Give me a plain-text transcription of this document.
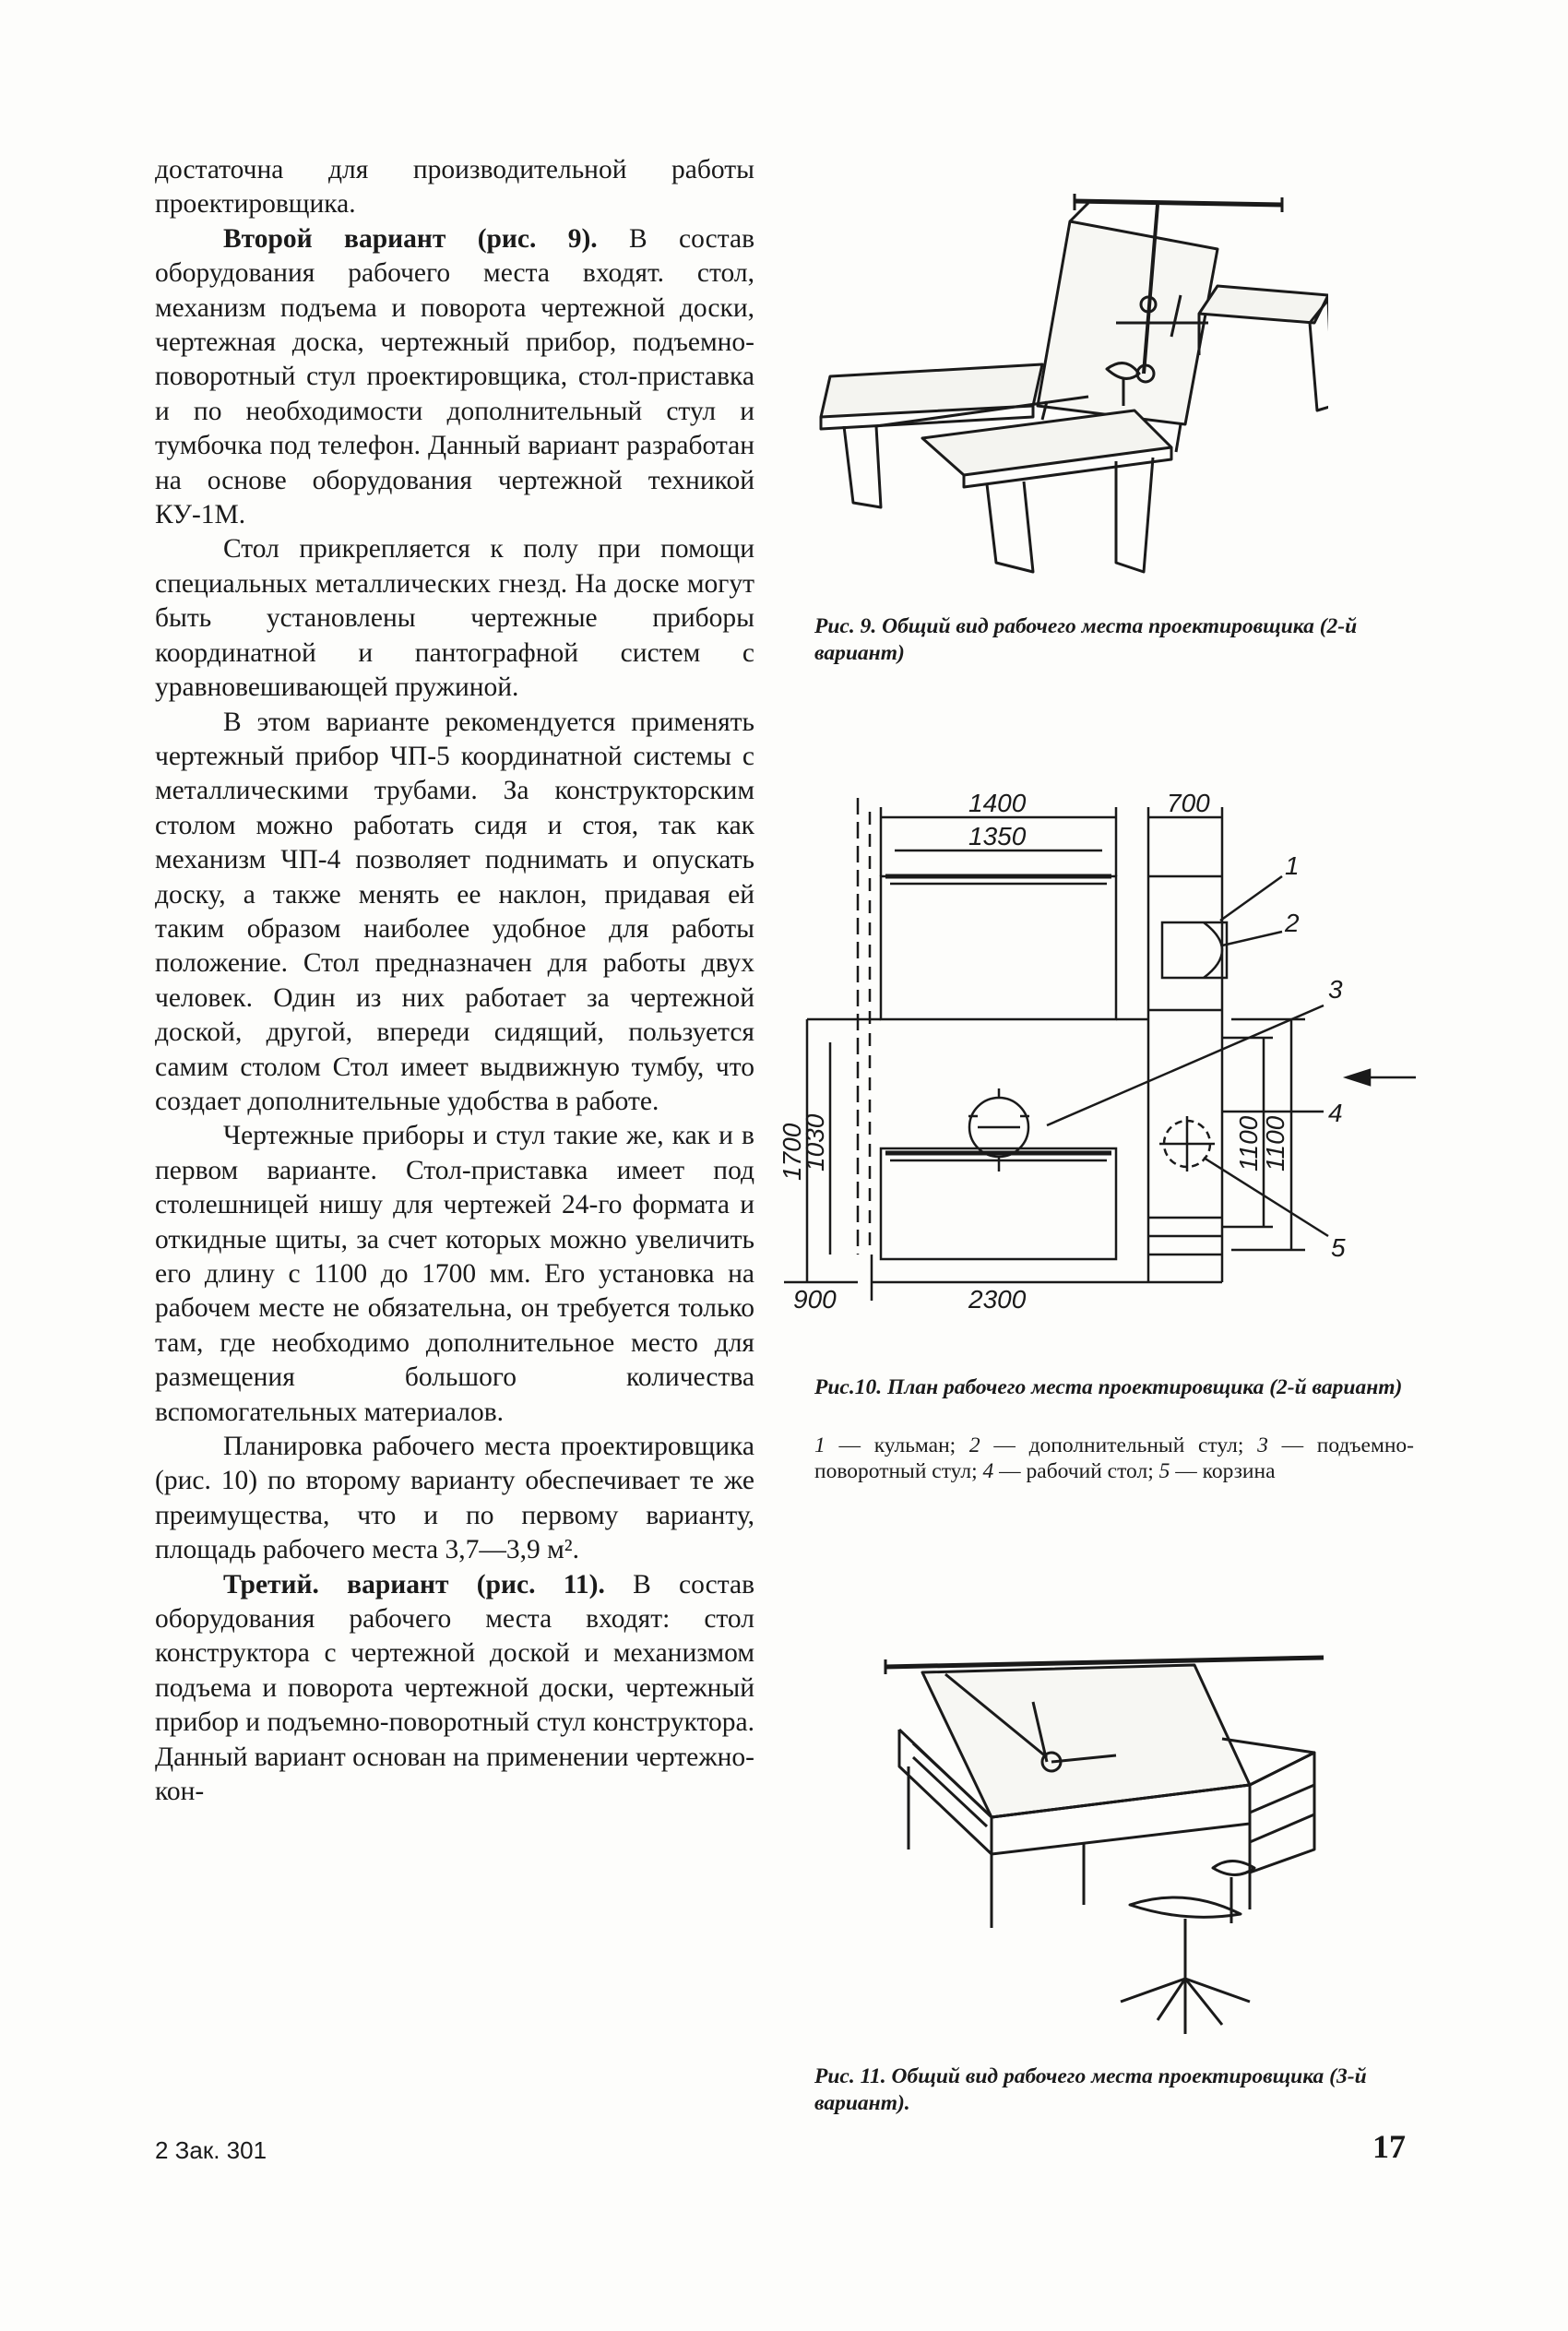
достаточна для производительной работы проектировщика.

Второй вариант (рис. 9). В состав оборудования рабочего места входят. стол, механизм подъема и поворота чертежной доски, чертежная доска, чертежный прибор, подъемно-поворотный стул проектировщика, стол-приставка и по необходимости дополнительный стул и тумбочка под телефон. Данный вариант разработан на основе оборудования чертежной техникой КУ-1М.

Стол прикрепляется к полу при помощи специальных металлических гнезд. На доске могут быть установлены чертежные приборы координатной и пантографной систем с уравновешивающей пружиной.

В этом варианте рекомендуется применять чертежный прибор ЧП-5 координатной системы с металлическими трубами. За конструкторским столом можно работать сидя и стоя, так как механизм ЧП-4 позволяет поднимать и опускать доску, а также менять ее наклон, придавая ей таким образом наиболее удобное для работы положение. Стол предназначен для работы двух человек. Один из них работает за чертежной доской, другой, впереди сидящий, пользуется самим столом Стол имеет выдвижную тумбу, что создает дополнительные удобства в работе.

Чертежные приборы и стул такие же, как и в первом варианте. Стол-приставка имеет под столешницей нишу для чертежей 24-го формата и откидные щиты, за счет которых можно увеличить его длину с 1100 до 1700 мм. Его установка на рабочем месте не обязательна, он требуется только там, где необходимо дополнительное место для размещения большого количества вспомогательных материалов.

Планировка рабочего места проектировщика (рис. 10) по второму варианту обеспечивает те же преимущества, что и по первому варианту, площадь рабочего места 3,7—3,9 м².

Третий. вариант (рис. 11). В состав оборудования рабочего места входят: стол конструктора с чертежной доской и механизмом подъема и поворота чертежной доски, чертежный прибор и подъемно-поворотный стул конструктора. Данный вариант основан на применении чертежно-кон-

Рис. 9. Общий вид рабочего места проектировщика (2-й вариант)
1400
1350
700
900	2300
1700
1030	1100
1100
1
2
3
4
5
Рис.10. План рабочего места проектировщика (2-й вариант)
1 — кульман; 2 — дополнительный стул; 3 — подъемно-поворотный стул; 4 — рабочий стол; 5 — корзина
Рис. 11. Общий вид рабочего места проектировщика (3-й вариант).
2 Зак. 301	17
